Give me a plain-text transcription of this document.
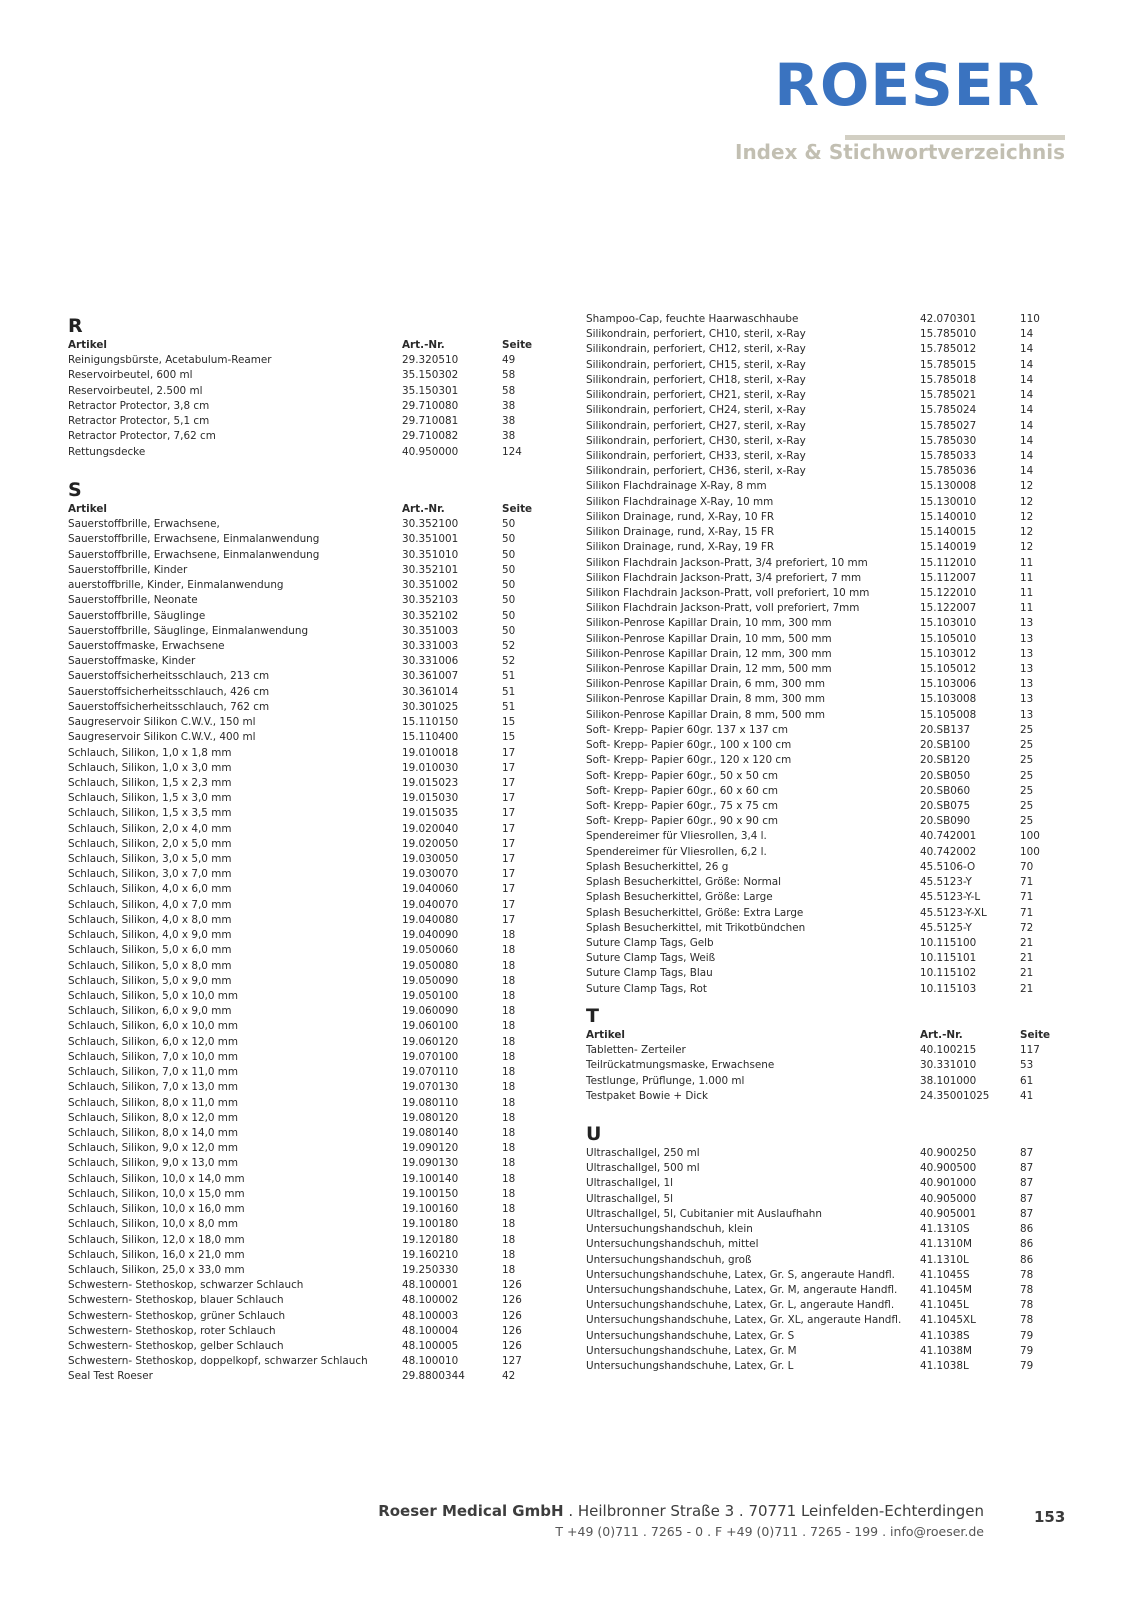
ROESER
Index & Stichwortverzeichnis
R
Artikel	Art.-Nr.	Seite
Reinigungsbürste, Acetabulum-Reamer	29.320510	49
Reservoirbeutel, 600 ml	35.150302	58
Reservoirbeutel, 2.500 ml	35.150301	58
Retractor Protector, 3,8 cm	29.710080	38
Retractor Protector, 5,1 cm	29.710081	38
Retractor Protector, 7,62 cm	29.710082	38
Rettungsdecke	40.950000	124
S
Artikel	Art.-Nr.	Seite
Sauerstoffbrille, Erwachsene,	30.352100	50
Sauerstoffbrille, Erwachsene, Einmalanwendung	30.351001	50
Sauerstoffbrille, Erwachsene, Einmalanwendung	30.351010	50
Sauerstoffbrille, Kinder	30.352101	50
auerstoffbrille, Kinder, Einmalanwendung	30.351002	50
Sauerstoffbrille, Neonate	30.352103	50
Sauerstoffbrille, Säuglinge	30.352102	50
Sauerstoffbrille, Säuglinge, Einmalanwendung	30.351003	50
Sauerstoffmaske, Erwachsene	30.331003	52
Sauerstoffmaske, Kinder	30.331006	52
Sauerstoffsicherheitsschlauch, 213 cm	30.361007	51
Sauerstoffsicherheitsschlauch, 426 cm	30.361014	51
Sauerstoffsicherheitsschlauch, 762 cm	30.301025	51
Saugreservoir Silikon C.W.V., 150 ml	15.110150	15
Saugreservoir Silikon C.W.V., 400 ml	15.110400	15
Schlauch, Silikon, 1,0 x 1,8 mm	19.010018	17
Schlauch, Silikon, 1,0 x 3,0 mm	19.010030	17
Schlauch, Silikon, 1,5 x 2,3 mm	19.015023	17
Schlauch, Silikon, 1,5 x 3,0 mm	19.015030	17
Schlauch, Silikon, 1,5 x 3,5 mm	19.015035	17
Schlauch, Silikon, 2,0 x 4,0 mm	19.020040	17
Schlauch, Silikon, 2,0 x 5,0 mm	19.020050	17
Schlauch, Silikon, 3,0 x 5,0 mm	19.030050	17
Schlauch, Silikon, 3,0 x 7,0 mm	19.030070	17
Schlauch, Silikon, 4,0 x 6,0 mm	19.040060	17
Schlauch, Silikon, 4,0 x 7,0 mm	19.040070	17
Schlauch, Silikon, 4,0 x 8,0 mm	19.040080	17
Schlauch, Silikon, 4,0 x 9,0 mm	19.040090	18
Schlauch, Silikon, 5,0 x 6,0 mm	19.050060	18
Schlauch, Silikon, 5,0 x 8,0 mm	19.050080	18
Schlauch, Silikon, 5,0 x 9,0 mm	19.050090	18
Schlauch, Silikon, 5,0 x 10,0 mm	19.050100	18
Schlauch, Silikon, 6,0 x 9,0 mm	19.060090	18
Schlauch, Silikon, 6,0 x 10,0 mm	19.060100	18
Schlauch, Silikon, 6,0 x 12,0 mm	19.060120	18
Schlauch, Silikon, 7,0 x 10,0 mm	19.070100	18
Schlauch, Silikon, 7,0 x 11,0 mm	19.070110	18
Schlauch, Silikon, 7,0 x 13,0 mm	19.070130	18
Schlauch, Silikon, 8,0 x 11,0 mm	19.080110	18
Schlauch, Silikon, 8,0 x 12,0 mm	19.080120	18
Schlauch, Silikon, 8,0 x 14,0 mm	19.080140	18
Schlauch, Silikon, 9,0 x 12,0 mm	19.090120	18
Schlauch, Silikon, 9,0 x 13,0 mm	19.090130	18
Schlauch, Silikon, 10,0 x 14,0 mm	19.100140	18
Schlauch, Silikon, 10,0 x 15,0 mm	19.100150	18
Schlauch, Silikon, 10,0 x 16,0 mm	19.100160	18
Schlauch, Silikon, 10,0 x 8,0 mm	19.100180	18
Schlauch, Silikon, 12,0 x 18,0 mm	19.120180	18
Schlauch, Silikon, 16,0 x 21,0 mm	19.160210	18
Schlauch, Silikon, 25,0 x 33,0 mm	19.250330	18
Schwestern- Stethoskop, schwarzer Schlauch	48.100001	126
Schwestern- Stethoskop, blauer Schlauch	48.100002	126
Schwestern- Stethoskop, grüner Schlauch	48.100003	126
Schwestern- Stethoskop, roter Schlauch	48.100004	126
Schwestern- Stethoskop, gelber Schlauch	48.100005	126
Schwestern- Stethoskop, doppelkopf, schwarzer Schlauch	48.100010	127
Seal Test Roeser	29.8800344	42
Shampoo-Cap, feuchte Haarwaschhaube	42.070301	110
Silikondrain, perforiert, CH10, steril, x-Ray	15.785010	14
Silikondrain, perforiert, CH12, steril, x-Ray	15.785012	14
Silikondrain, perforiert, CH15, steril, x-Ray	15.785015	14
Silikondrain, perforiert, CH18, steril, x-Ray	15.785018	14
Silikondrain, perforiert, CH21, steril, x-Ray	15.785021	14
Silikondrain, perforiert, CH24, steril, x-Ray	15.785024	14
Silikondrain, perforiert, CH27, steril, x-Ray	15.785027	14
Silikondrain, perforiert, CH30, steril, x-Ray	15.785030	14
Silikondrain, perforiert, CH33, steril, x-Ray	15.785033	14
Silikondrain, perforiert, CH36, steril, x-Ray	15.785036	14
Silikon Flachdrainage X-Ray, 8 mm	15.130008	12
Silikon Flachdrainage X-Ray, 10 mm	15.130010	12
Silikon Drainage, rund, X-Ray, 10 FR	15.140010	12
Silikon Drainage, rund, X-Ray, 15 FR	15.140015	12
Silikon Drainage, rund, X-Ray, 19 FR	15.140019	12
Silikon Flachdrain Jackson-Pratt, 3/4 preforiert, 10 mm	15.112010	11
Silikon Flachdrain Jackson-Pratt, 3/4 preforiert, 7 mm	15.112007	11
Silikon Flachdrain Jackson-Pratt, voll preforiert, 10 mm	15.122010	11
Silikon Flachdrain Jackson-Pratt, voll preforiert, 7mm	15.122007	11
Silikon-Penrose Kapillar Drain, 10 mm, 300 mm	15.103010	13
Silikon-Penrose Kapillar Drain, 10 mm, 500 mm	15.105010	13
Silikon-Penrose Kapillar Drain, 12 mm, 300 mm	15.103012	13
Silikon-Penrose Kapillar Drain, 12 mm, 500 mm	15.105012	13
Silikon-Penrose Kapillar Drain, 6 mm, 300 mm	15.103006	13
Silikon-Penrose Kapillar Drain, 8 mm, 300 mm	15.103008	13
Silikon-Penrose Kapillar Drain, 8 mm, 500 mm	15.105008	13
Soft- Krepp- Papier 60gr. 137 x 137 cm	20.SB137	25
Soft- Krepp- Papier 60gr., 100 x 100 cm	20.SB100	25
Soft- Krepp- Papier 60gr., 120 x 120 cm	20.SB120	25
Soft- Krepp- Papier 60gr., 50 x 50 cm	20.SB050	25
Soft- Krepp- Papier 60gr., 60 x 60 cm	20.SB060	25
Soft- Krepp- Papier 60gr., 75 x 75 cm	20.SB075	25
Soft- Krepp- Papier 60gr., 90 x 90 cm	20.SB090	25
Spendereimer für Vliesrollen, 3,4 l.	40.742001	100
Spendereimer für Vliesrollen, 6,2 l.	40.742002	100
Splash Besucherkittel, 26 g	45.5106-O	70
Splash Besucherkittel, Größe: Normal	45.5123-Y	71
Splash Besucherkittel, Größe: Large	45.5123-Y-L	71
Splash Besucherkittel, Größe: Extra Large	45.5123-Y-XL	71
Splash Besucherkittel, mit Trikotbündchen	45.5125-Y	72
Suture Clamp Tags, Gelb	10.115100	21
Suture Clamp Tags, Weiß	10.115101	21
Suture Clamp Tags, Blau	10.115102	21
Suture Clamp Tags, Rot	10.115103	21
T
Artikel	Art.-Nr.	Seite
Tabletten- Zerteiler	40.100215	117
Teilrückatmungsmaske, Erwachsene	30.331010	53
Testlunge, Prüflunge, 1.000 ml	38.101000	61
Testpaket Bowie + Dick	24.35001025	41
U
Ultraschallgel, 250 ml	40.900250	87
Ultraschallgel, 500 ml	40.900500	87
Ultraschallgel, 1l	40.901000	87
Ultraschallgel, 5l	40.905000	87
Ultraschallgel, 5l, Cubitanier mit Auslaufhahn	40.905001	87
Untersuchungshandschuh, klein	41.1310S	86
Untersuchungshandschuh, mittel	41.1310M	86
Untersuchungshandschuh, groß	41.1310L	86
Untersuchungshandschuhe, Latex, Gr. S, angeraute Handfl. 41.1045S	78
Untersuchungshandschuhe, Latex, Gr. M, angeraute Handfl. 41.1045M	78
Untersuchungshandschuhe, Latex, Gr. L, angeraute Handfl. 41.1045L	78
Untersuchungshandschuhe, Latex, Gr. XL, angeraute Handfl. 41.1045XL	78
Untersuchungshandschuhe, Latex, Gr. S	41.1038S	79
Untersuchungshandschuhe, Latex, Gr. M	41.1038M	79
Untersuchungshandschuhe, Latex, Gr. L	41.1038L	79
Roeser Medical GmbH . Heilbronner Straße 3 . 70771 Leinfelden-Echterdingen
T +49 (0)711 . 7265 - 0 . F +49 (0)711 . 7265 - 199 . info@roeser.de
153
